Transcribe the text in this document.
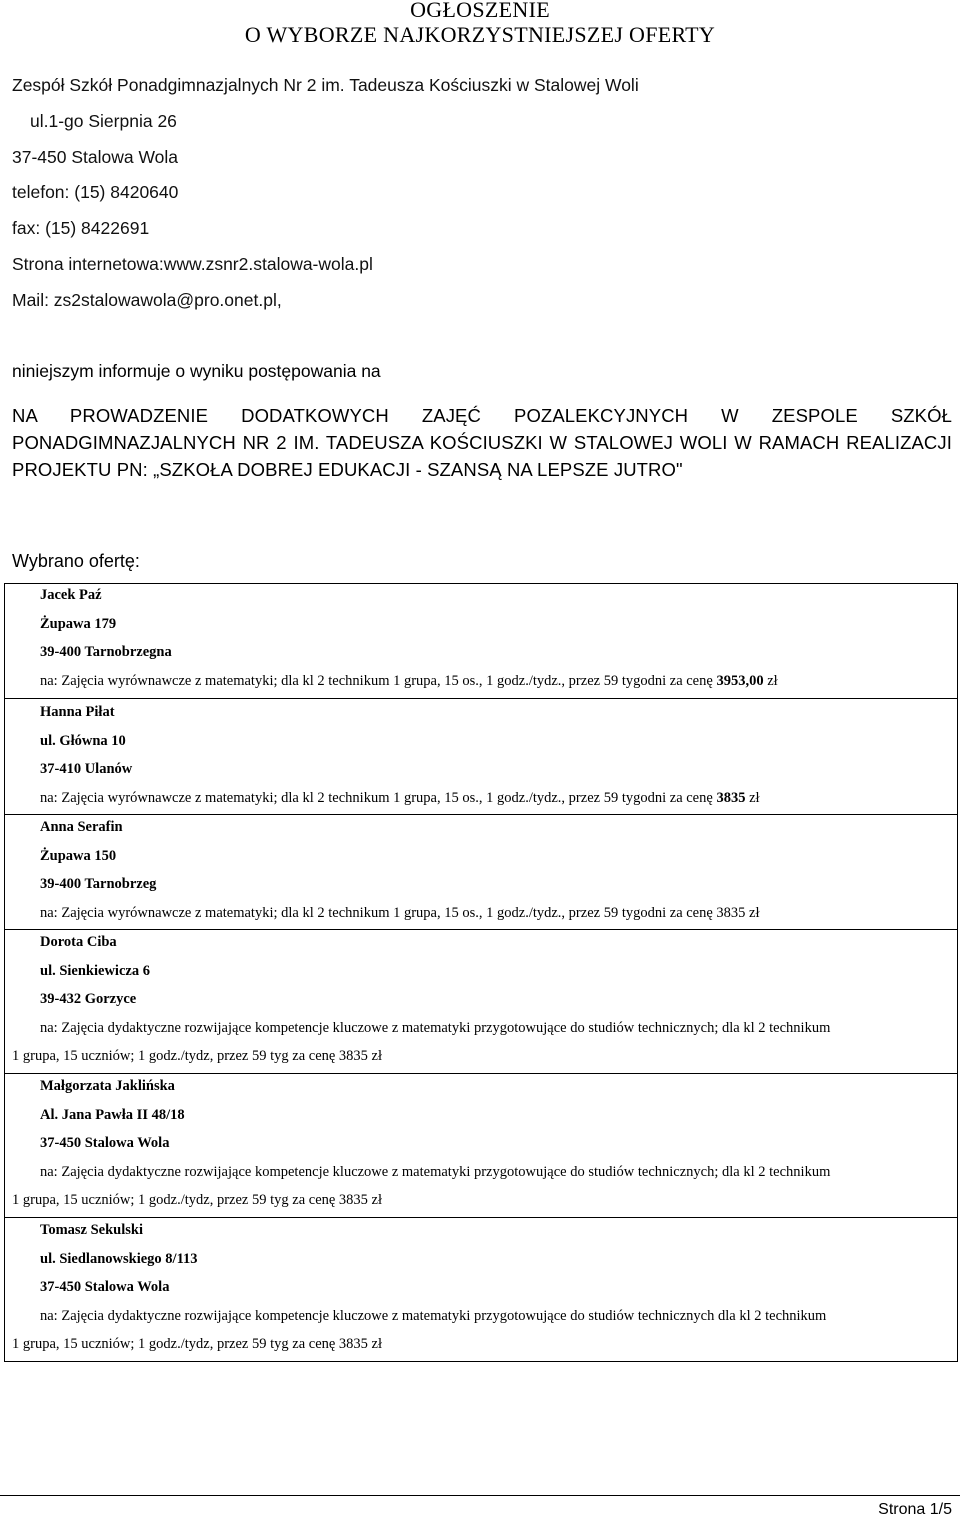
OGŁOSZENIE
O WYBORZE NAJKORZYSTNIEJSZEJ OFERTY
Zespół Szkół Ponadgimnazjalnych Nr 2 im. Tadeusza Kościuszki w Stalowej Woli
ul.1-go Sierpnia 26
37-450 Stalowa Wola
telefon: (15) 8420640
fax: (15) 8422691
Strona internetowa:www.zsnr2.stalowa-wola.pl
Mail: zs2stalowawola@pro.onet.pl,
niniejszym informuje o wyniku postępowania na
NA PROWADZENIE DODATKOWYCH ZAJĘĆ POZALEKCYJNYCH W ZESPOLE SZKÓŁ PONADGIMNAZJALNYCH NR 2 IM. TADEUSZA KOŚCIUSZKI W STALOWEJ WOLI W RAMACH REALIZACJI PROJEKTU PN: „SZKOŁA DOBREJ EDUKACJI - SZANSĄ NA LEPSZE JUTRO"
Wybrano ofertę:
Jacek Paź
Żupawa 179
39-400 Tarnobrzegna
na: Zajęcia wyrównawcze z matematyki; dla kl 2 technikum 1 grupa, 15 os., 1 godz./tydz., przez 59 tygodni za cenę 3953,00 zł
Hanna Piłat
ul. Główna 10
37-410 Ulanów
na: Zajęcia wyrównawcze z matematyki; dla kl 2 technikum 1 grupa, 15 os., 1 godz./tydz., przez 59 tygodni za cenę 3835 zł
Anna Serafin
Żupawa 150
39-400 Tarnobrzeg
na: Zajęcia wyrównawcze z matematyki; dla kl 2 technikum 1 grupa, 15 os., 1 godz./tydz., przez 59 tygodni za cenę 3835 zł
Dorota Ciba
ul. Sienkiewicza 6
39-432 Gorzyce
na: Zajęcia dydaktyczne rozwijające kompetencje kluczowe z matematyki przygotowujące do studiów technicznych; dla kl 2 technikum
1 grupa, 15 uczniów; 1 godz./tydz, przez 59 tyg za cenę 3835 zł
Małgorzata Jaklińska
Al. Jana Pawła II 48/18
37-450 Stalowa Wola
na: Zajęcia dydaktyczne rozwijające kompetencje kluczowe z matematyki przygotowujące do studiów technicznych; dla kl 2 technikum
1 grupa, 15 uczniów; 1 godz./tydz, przez 59 tyg za cenę 3835 zł
Tomasz Sekulski
ul. Siedlanowskiego 8/113
37-450 Stalowa Wola
na: Zajęcia dydaktyczne rozwijające kompetencje kluczowe z matematyki przygotowujące do studiów technicznych dla kl 2 technikum
1 grupa, 15 uczniów; 1 godz./tydz, przez 59 tyg za cenę 3835 zł
Strona 1/5
